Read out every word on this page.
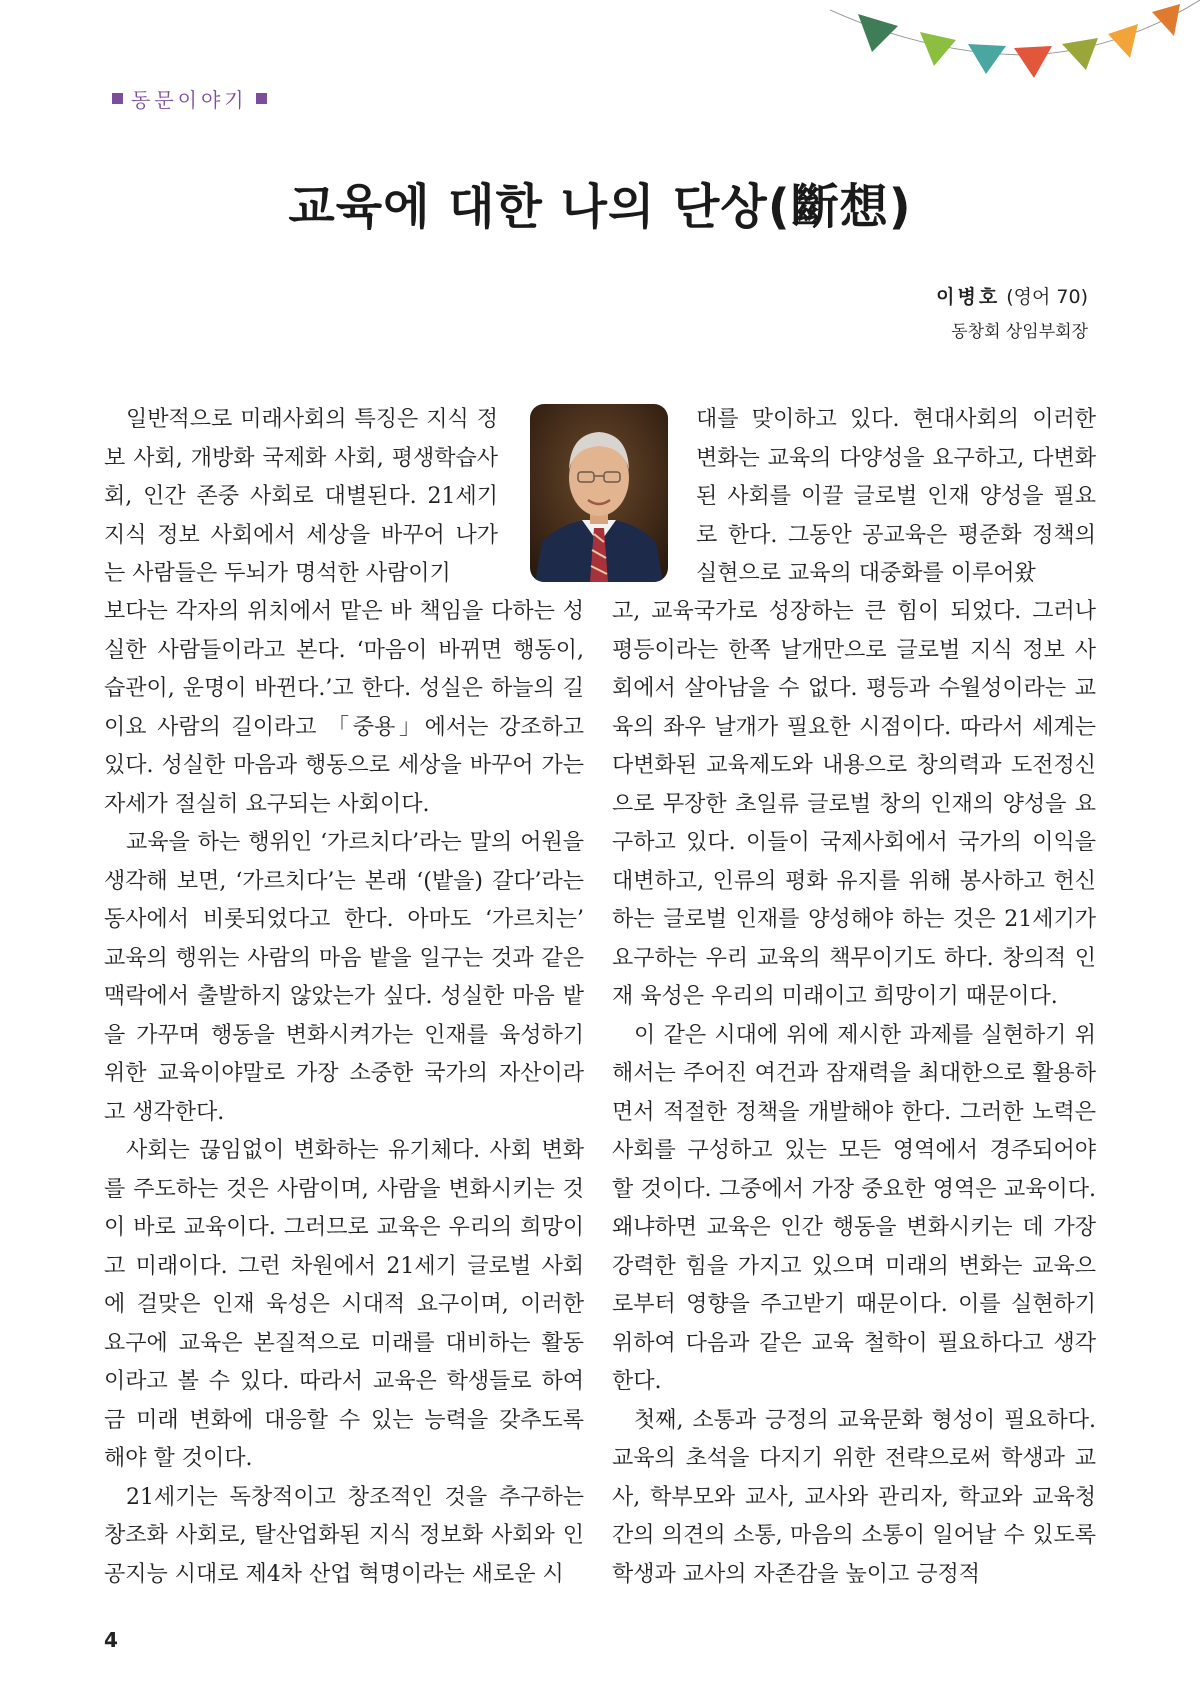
동문이야기
교육에 대한 나의 단상(斷想)
이병호 (영어 70)
동창회 상임부회장

일반적으로 미래사회의 특징은 지식 정보 사회, 개방화 국제화 사회, 평생학습사회, 인간 존중 사회로 대별된다. 21세기 지식 정보 사회에서 세상을 바꾸어 나가는 사람들은 두뇌가 명석한 사람이기

보다는 각자의 위치에서 맡은 바 책임을 다하는 성실한 사람들이라고 본다. ‘마음이 바뀌면 행동이, 습관이, 운명이 바뀐다.’고 한다. 성실은 하늘의 길이요 사람의 길이라고 「중용」에서는 강조하고 있다. 성실한 마음과 행동으로 세상을 바꾸어 가는 자세가 절실히 요구되는 사회이다.

교육을 하는 행위인 ‘가르치다’라는 말의 어원을 생각해 보면, ‘가르치다’는 본래 ‘(밭을) 갈다’라는 동사에서 비롯되었다고 한다. 아마도 ‘가르치는’ 교육의 행위는 사람의 마음 밭을 일구는 것과 같은 맥락에서 출발하지 않았는가 싶다. 성실한 마음 밭을 가꾸며 행동을 변화시켜가는 인재를 육성하기 위한 교육이야말로 가장 소중한 국가의 자산이라고 생각한다.

사회는 끊임없이 변화하는 유기체다. 사회 변화를 주도하는 것은 사람이며, 사람을 변화시키는 것이 바로 교육이다. 그러므로 교육은 우리의 희망이고 미래이다. 그런 차원에서 21세기 글로벌 사회에 걸맞은 인재 육성은 시대적 요구이며, 이러한 요구에 교육은 본질적으로 미래를 대비하는 활동이라고 볼 수 있다. 따라서 교육은 학생들로 하여금 미래 변화에 대응할 수 있는 능력을 갖추도록 해야 할 것이다.

21세기는 독창적이고 창조적인 것을 추구하는 창조화 사회로, 탈산업화된 지식 정보화 사회와 인공지능 시대로 제4차 산업 혁명이라는 새로운 시

대를 맞이하고 있다. 현대사회의 이러한 변화는 교육의 다양성을 요구하고, 다변화된 사회를 이끌 글로벌 인재 양성을 필요로 한다. 그동안 공교육은 평준화 정책의 실현으로 교육의 대중화를 이루어왔

고, 교육국가로 성장하는 큰 힘이 되었다. 그러나 평등이라는 한쪽 날개만으로 글로벌 지식 정보 사회에서 살아남을 수 없다. 평등과 수월성이라는 교육의 좌우 날개가 필요한 시점이다. 따라서 세계는 다변화된 교육제도와 내용으로 창의력과 도전정신으로 무장한 초일류 글로벌 창의 인재의 양성을 요구하고 있다. 이들이 국제사회에서 국가의 이익을 대변하고, 인류의 평화 유지를 위해 봉사하고 헌신하는 글로벌 인재를 양성해야 하는 것은 21세기가 요구하는 우리 교육의 책무이기도 하다. 창의적 인재 육성은 우리의 미래이고 희망이기 때문이다.

이 같은 시대에 위에 제시한 과제를 실현하기 위해서는 주어진 여건과 잠재력을 최대한으로 활용하면서 적절한 정책을 개발해야 한다. 그러한 노력은 사회를 구성하고 있는 모든 영역에서 경주되어야 할 것이다. 그중에서 가장 중요한 영역은 교육이다. 왜냐하면 교육은 인간 행동을 변화시키는 데 가장 강력한 힘을 가지고 있으며 미래의 변화는 교육으로부터 영향을 주고받기 때문이다. 이를 실현하기 위하여 다음과 같은 교육 철학이 필요하다고 생각한다.

첫째, 소통과 긍정의 교육문화 형성이 필요하다. 교육의 초석을 다지기 위한 전략으로써 학생과 교사, 학부모와 교사, 교사와 관리자, 학교와 교육청 간의 의견의 소통, 마음의 소통이 일어날 수 있도록 학생과 교사의 자존감을 높이고 긍정적

4
